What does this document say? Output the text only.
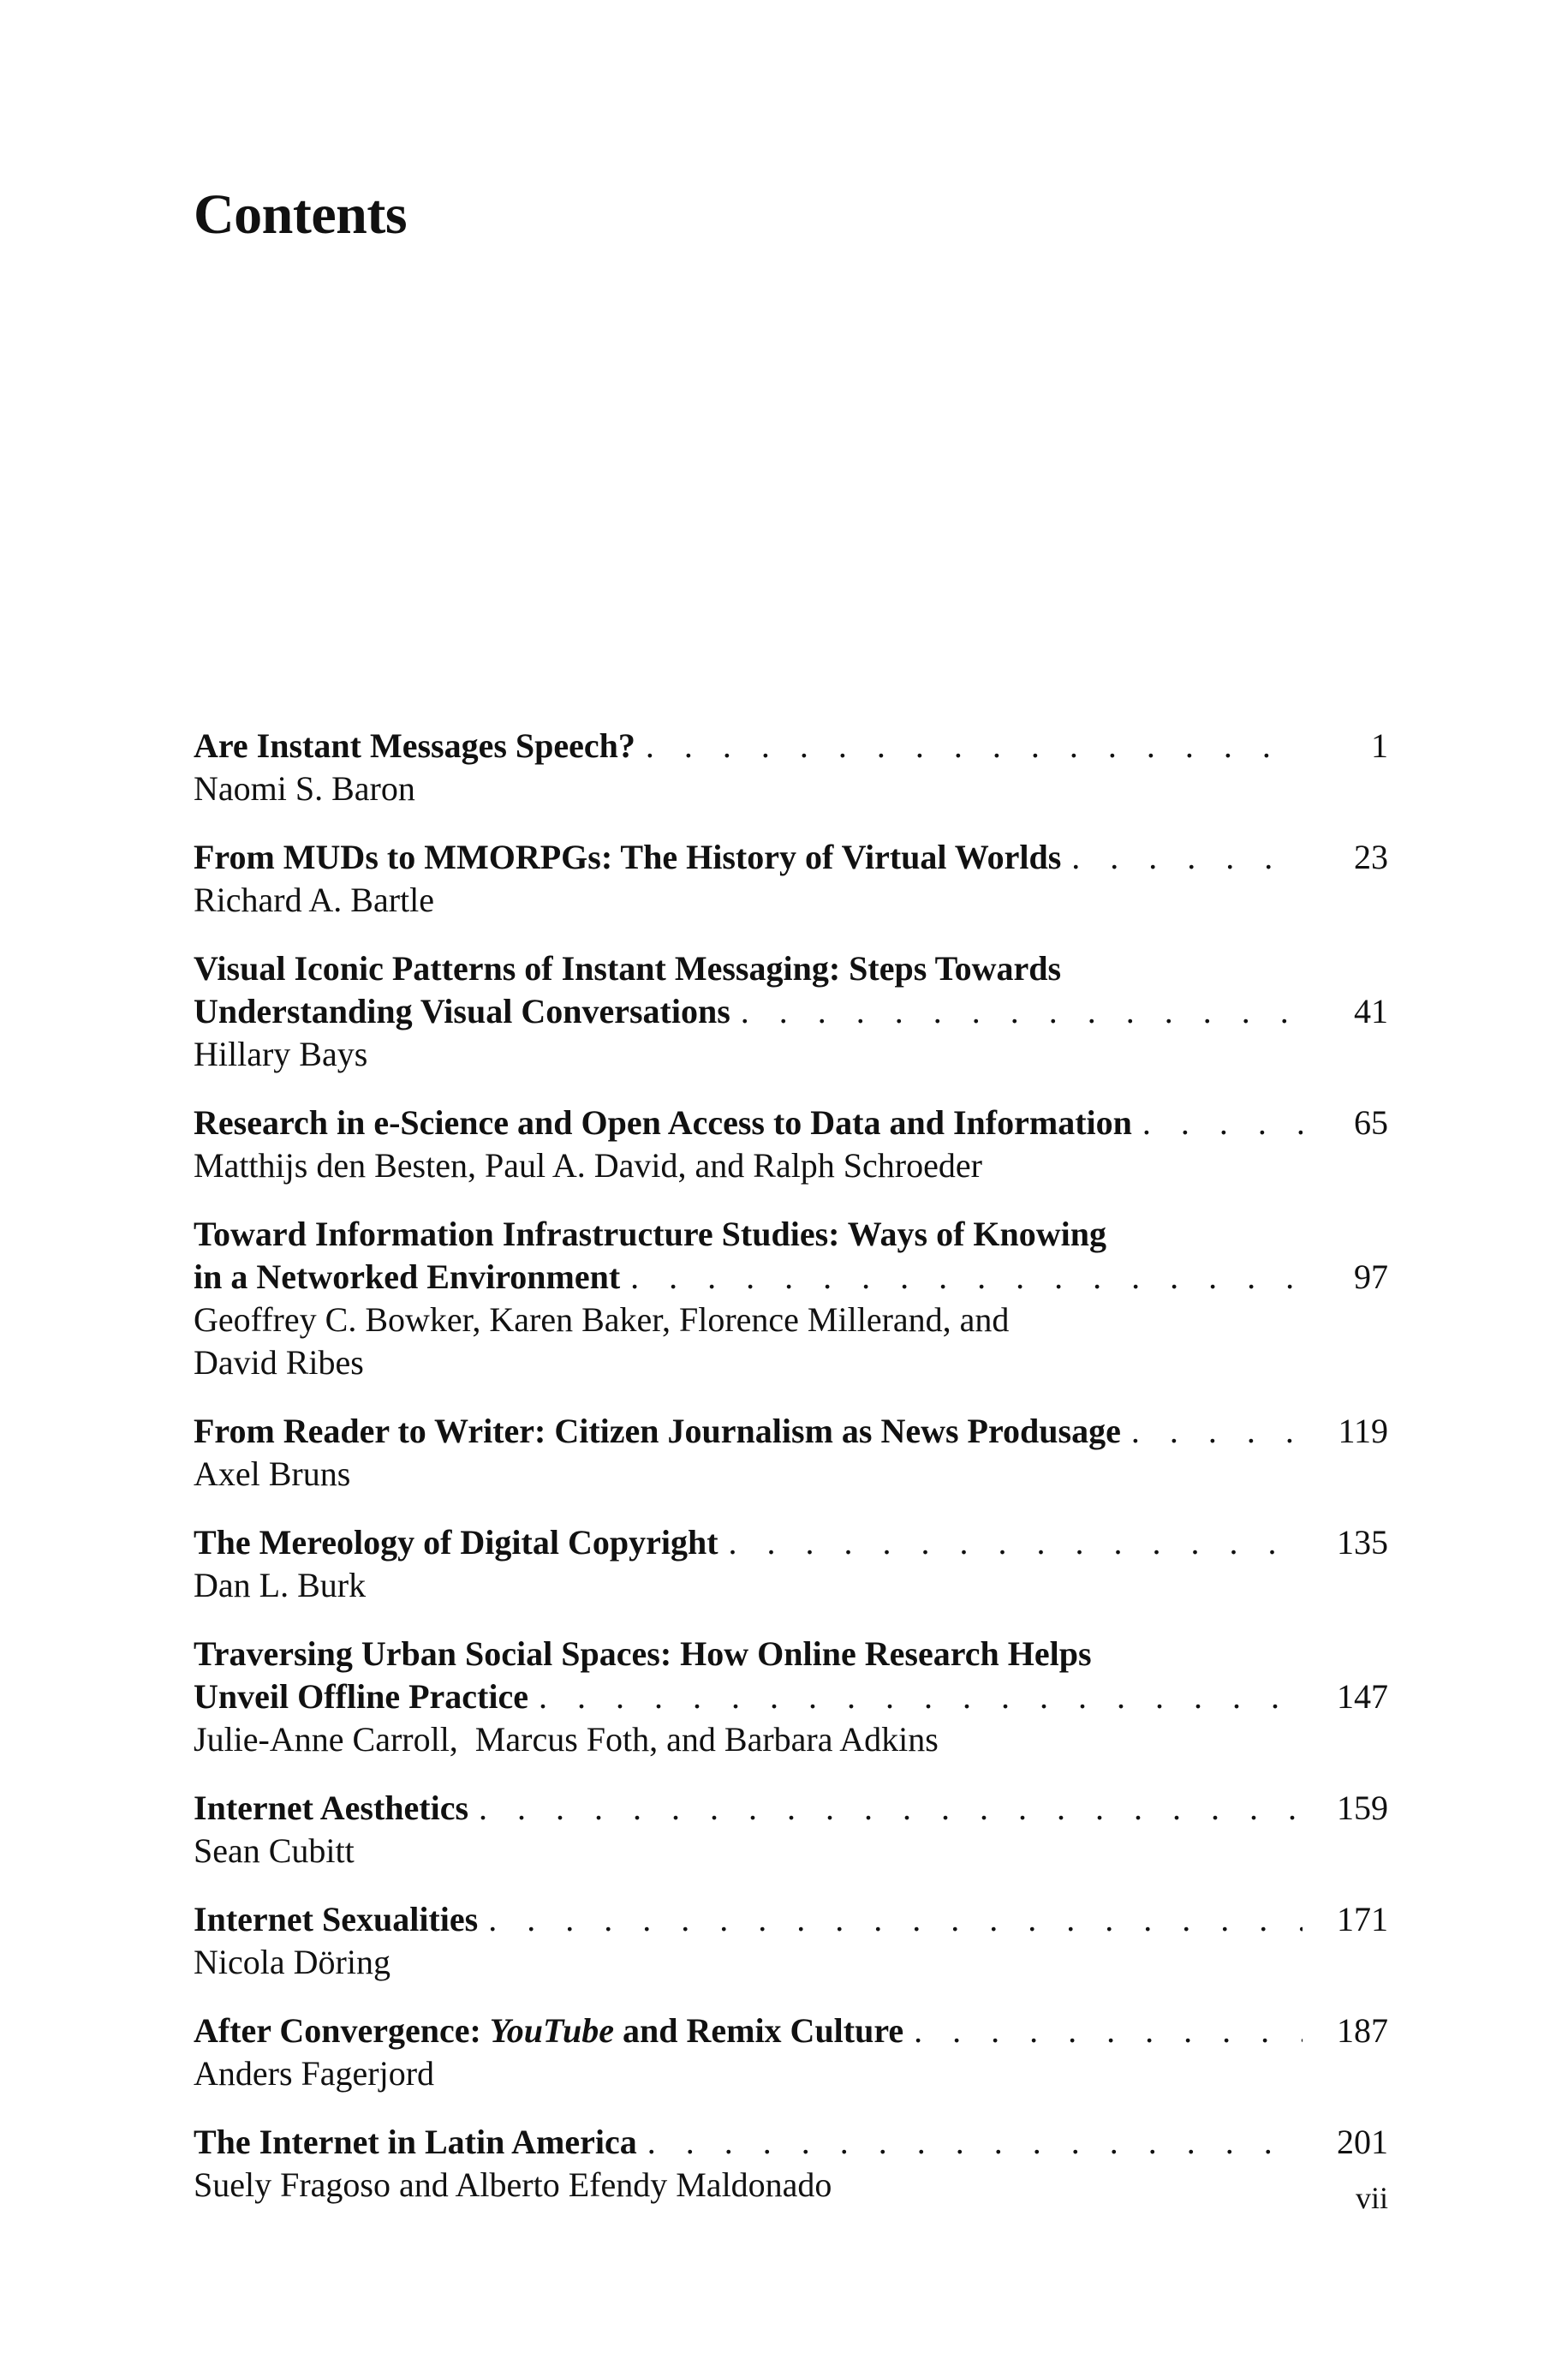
Contents
Are Instant Messages Speech? . . .	1
Naomi S. Baron
From MUDs to MMORPGs: The History of Virtual Worlds . . .	23
Richard A. Bartle
Visual Iconic Patterns of Instant Messaging: Steps Towards
Understanding Visual Conversations . . .	41
Hillary Bays
Research in e-Science and Open Access to Data and Information . . .	65
Matthijs den Besten, Paul A. David, and Ralph Schroeder
Toward Information Infrastructure Studies: Ways of Knowing
in a Networked Environment . . .	97
Geoffrey C. Bowker, Karen Baker, Florence Millerand, and
David Ribes
From Reader to Writer: Citizen Journalism as News Produsage . . .	119
Axel Bruns
The Mereology of Digital Copyright . . .	135
Dan L. Burk
Traversing Urban Social Spaces: How Online Research Helps
Unveil Offline Practice . . .	147
Julie-Anne Carroll,  Marcus Foth, and Barbara Adkins
Internet Aesthetics . . .	159
Sean Cubitt
Internet Sexualities . . .	171
Nicola Döring
After Convergence: YouTube and Remix Culture . . .	187
Anders Fagerjord
The Internet in Latin America . . .	201
Suely Fragoso and Alberto Efendy Maldonado	vii
